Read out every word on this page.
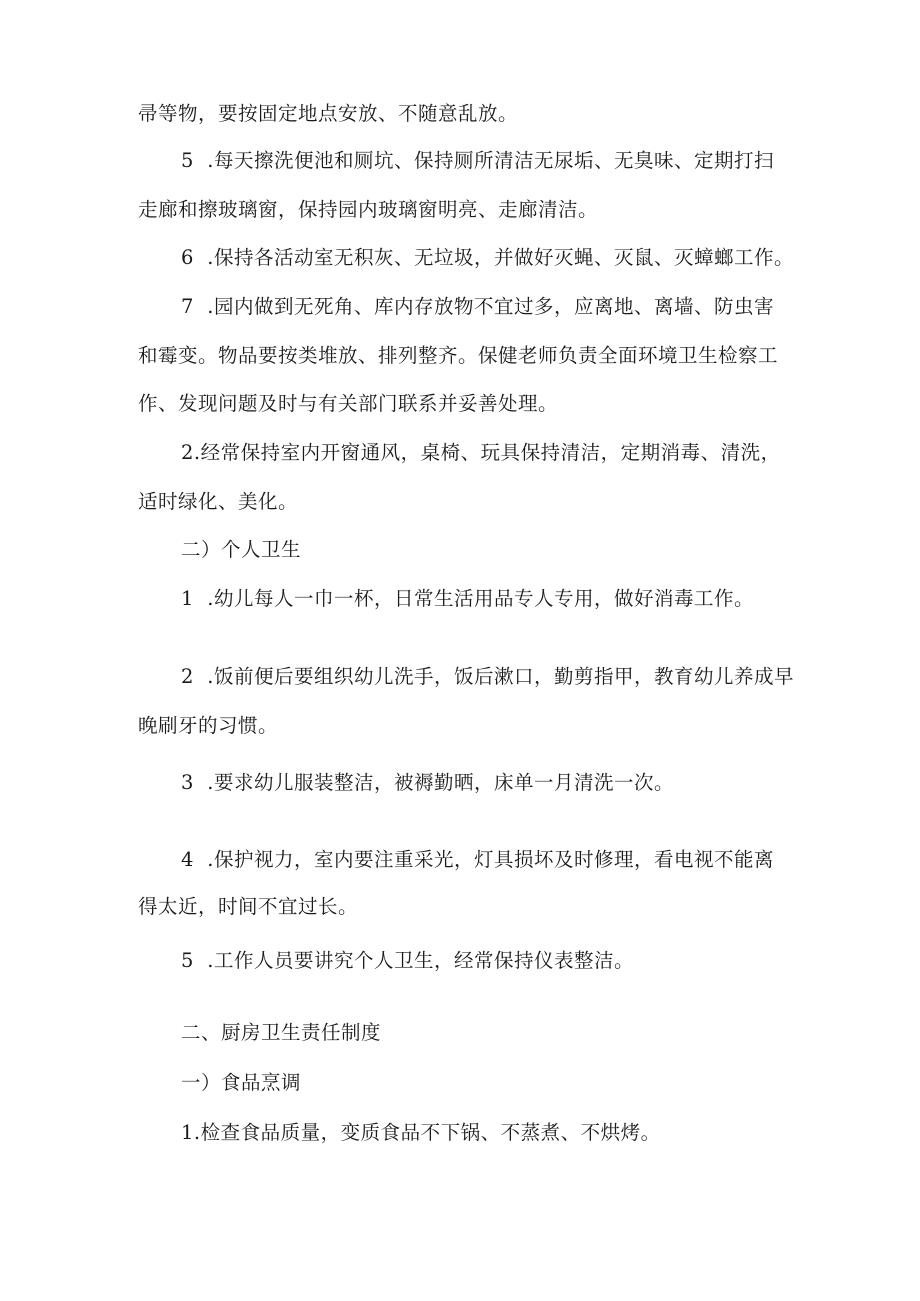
帚等物，要按固定地点安放、不随意乱放。
5  .每天擦洗便池和厕坑、保持厕所清洁无尿垢、无臭味、定期打扫
走廊和擦玻璃窗，保持园内玻璃窗明亮、走廊清洁。
6  .保持各活动室无积灰、无垃圾，并做好灭蝇、灭鼠、灭蟑螂工作。
7  .园内做到无死角、库内存放物不宜过多，应离地、离墙、防虫害
和霉变。物品要按类堆放、排列整齐。保健老师负责全面环境卫生检察工
作、发现问题及时与有关部门联系并妥善处理。
2.经常保持室内开窗通风，桌椅、玩具保持清洁，定期消毒、清洗，
适时绿化、美化。
二）个人卫生
1  .幼儿每人一巾一杯，日常生活用品专人专用，做好消毒工作。
2  .饭前便后要组织幼儿洗手，饭后漱口，勤剪指甲，教育幼儿养成早
晚刷牙的习惯。
3  .要求幼儿服装整洁，被褥勤晒，床单一月清洗一次。
4  .保护视力，室内要注重采光，灯具损坏及时修理，看电视不能离
得太近，时间不宜过长。
5  .工作人员要讲究个人卫生，经常保持仪表整洁。
二、厨房卫生责任制度
一）食品烹调
1.检查食品质量，变质食品不下锅、不蒸煮、不烘烤。
